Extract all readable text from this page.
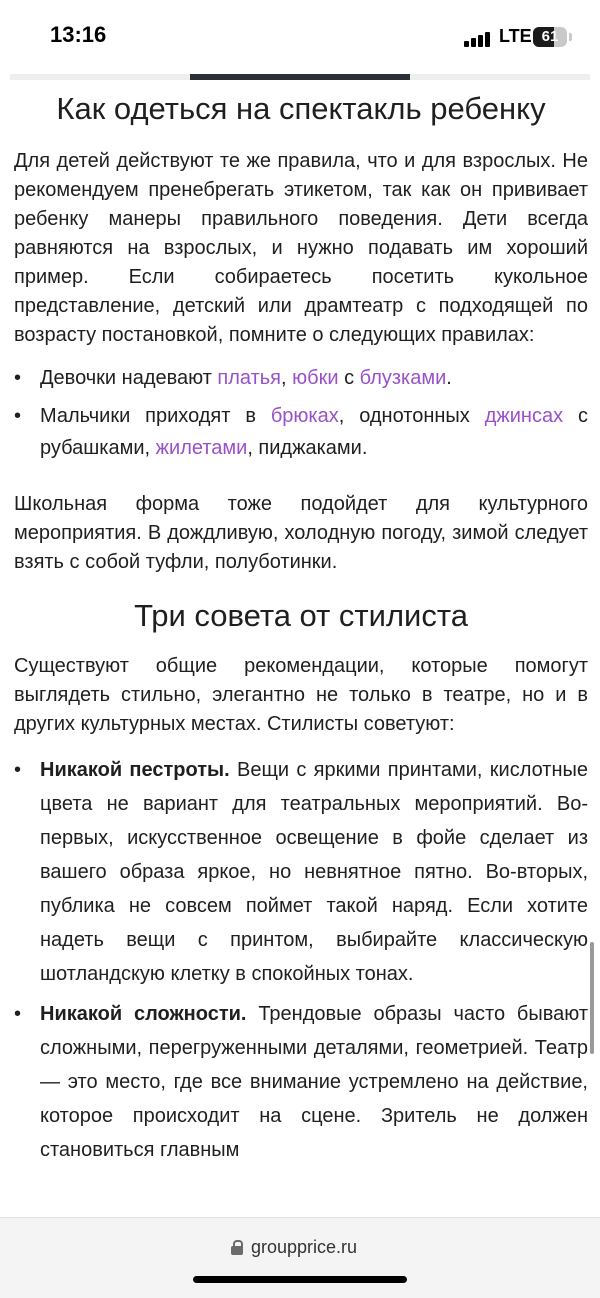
13:16	LTE 61
Как одеться на спектакль ребенку

Для детей действуют те же правила, что и для взрослых. Не рекомендуем пренебрегать этикетом, так как он прививает ребенку манеры правильного поведения. Дети всегда равняются на взрослых, и нужно подавать им хороший пример. Если собираетесь посетить кукольное представление, детский или драмтеатр с подходящей по возрасту постановкой, помните о следующих правилах:

• Девочки надевают платья, юбки с блузками.
• Мальчики приходят в брюках, однотонных джинсах с рубашками, жилетами, пиджаками.

Школьная форма тоже подойдет для культурного мероприятия. В дождливую, холодную погоду, зимой следует взять с собой туфли, полуботинки.

Три совета от стилиста

Существуют общие рекомендации, которые помогут выглядеть стильно, элегантно не только в театре, но и в других культурных местах. Стилисты советуют:

• Никакой пестроты. Вещи с яркими принтами, кислотные цвета не вариант для театральных мероприятий. Во-первых, искусственное освещение в фойе сделает из вашего образа яркое, но невнятное пятно. Во-вторых, публика не совсем поймет такой наряд. Если хотите надеть вещи с принтом, выбирайте классическую шотландскую клетку в спокойных тонах.
• Никакой сложности. Трендовые образы часто бывают сложными, перегруженными деталями, геометрией. Театр — это место, где все внимание устремлено на действие, которое происходит на сцене. Зритель не должен становиться главным
groupprice.ru
